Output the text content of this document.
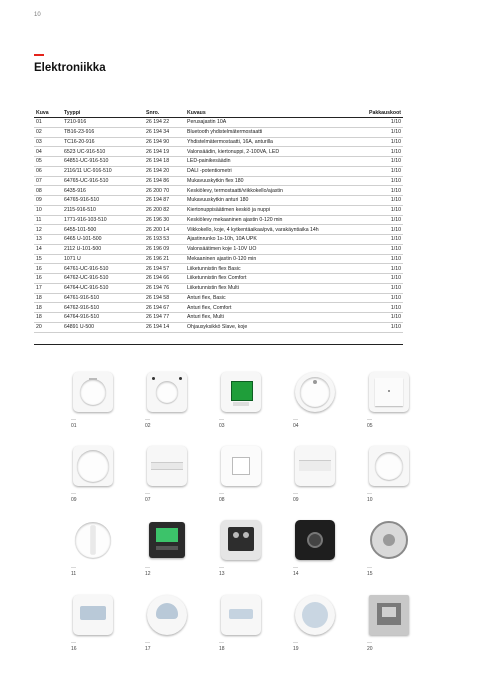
10
Elektroniikka
Kuva	Tyyppi	Snro.	Kuvaus	Pakkauskoot
01	T210-916	26 194 22	Perusajastin 10A	1/10
02	TB16-23-916	26 194 34	Bluetooth yhdistelmätermostaatti	1/10
03	TC16-20-916	26 194 90	Yhdistelmätermostaatti, 16A, anturilla	1/10
04	6523 UC-916-510	26 194 19	Valonsäädin, kiertonuppi, 2-100VA, LED	1/10
05	64851-UC-916-510	26 194 18	LED-painikesäädin	1/10
06	2116/11 UC-916-510	26 194 20	DALI -potentiometri	1/10
07	64765-UC-916-510	26 194 86	Mukavuuskytkin flex 180	1/10
08	6435-916	26 200 70	Keskiölevy, termostaatti/viikkokello/ajastin	1/10
09	64765-916-510	26 194 87	Mukavuuskytkin anturi 180	1/10
10	2115-916-510	26 200 82	Kiertonuppisäätimen keskiö ja nuppi	1/10
11	1771-916-103-510	26 196 30	Keskiölevy mekaaninen ajastin 0-120 min	1/10
12	6455-101-500	26 200 14	Viikkokello, koje, 4 kytkentäaikaa/pvä, varakäyntiaika 14h	1/10
13	6465 U-101-500	26 193 53	Ajastinrunko 1s-10h, 10A UPK	1/10
14	2112 U-101-500	26 196 09	Valonsäätimen koje 1-10V UO	1/10
15	1071 U	26 196 21	Mekaaninen ajastin 0-120 min	1/10
16	64761-UC-916-510	26 194 57	Liiketunnistin flex Basic	1/10
16	64762-UC-916-510	26 194 66	Liiketunnistin flex Comfort	1/10
17	64764-UC-916-510	26 194 76	Liiketunnistin flex Multi	1/10
18	64761-916-510	26 194 58	Anturi flex, Basic	1/10
18	64762-916-510	26 194 67	Anturi flex, Comfort	1/10
18	64764-916-510	26 194 77	Anturi flex, Multi	1/10
20	64891 U-500	26 194 14	Ohjausyksikkö Slave, koje	1/10
—
01
—
02
—
03
—
04
—
05
—
09
—
07
—
08
—
09
—
10
—
11
—
12
—
13
—
14
—
15
—
16
—
17
—
18
—
19
—
20
